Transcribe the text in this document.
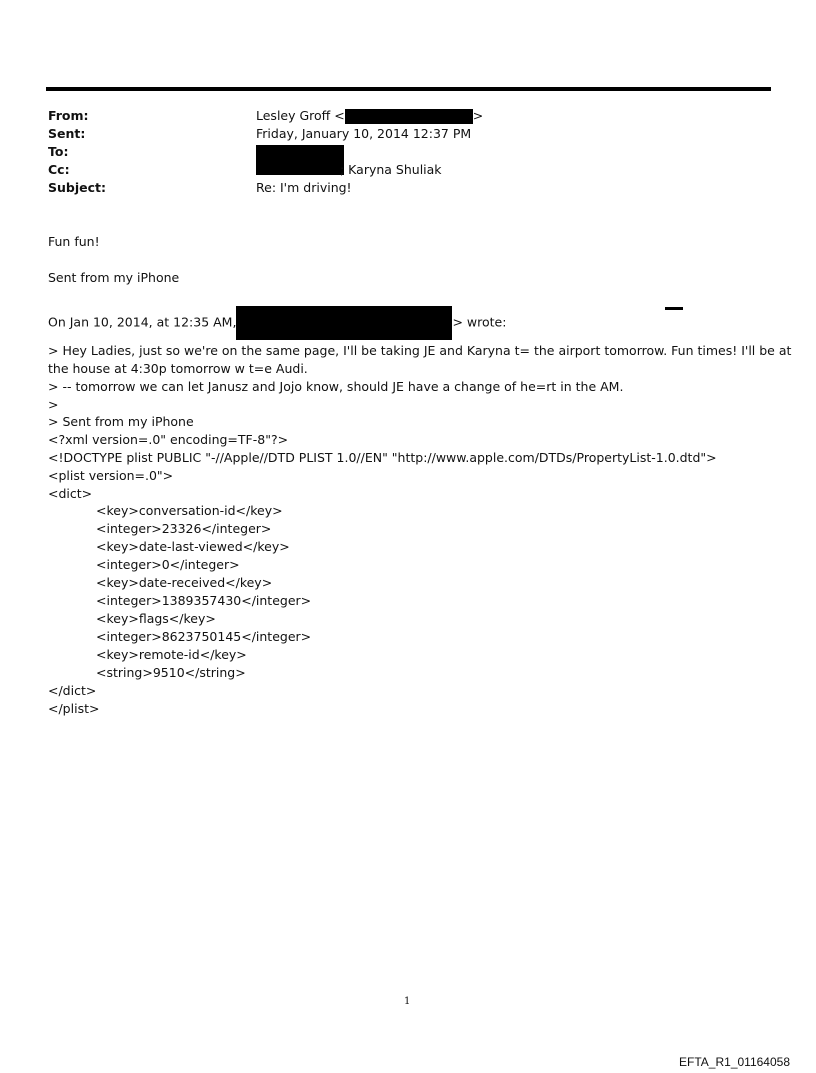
From:	Lesley Groff <	>
Sent:	Friday, January 10, 2014 12:37 PM
To:
Cc:	; Karyna Shuliak
Subject:	Re: I'm driving!
Fun fun!
Sent from my iPhone
On Jan 10, 2014, at 12:35 AM,	> wrote:
> Hey Ladies, just so we're on the same page, I'll be taking JE and Karyna t= the airport tomorrow. Fun times! I'll be at
the house at 4:30p tomorrow w t=e Audi.
> -- tomorrow we can let Janusz and Jojo know, should JE have a change of he=rt in the AM.
>
> Sent from my iPhone
<?xml version=.0" encoding=TF-8"?>
<!DOCTYPE plist PUBLIC "-//Apple//DTD PLIST 1.0//EN" "http://www.apple.com/DTDs/PropertyList-1.0.dtd">
<plist version=.0">
<dict>
<key>conversation-id</key>
<integer>23326</integer>
<key>date-last-viewed</key>
<integer>0</integer>
<key>date-received</key>
<integer>1389357430</integer>
<key>flags</key>
<integer>8623750145</integer>
<key>remote-id</key>
<string>9510</string>
</dict>
</plist>
1
EFTA_R1_01164058
